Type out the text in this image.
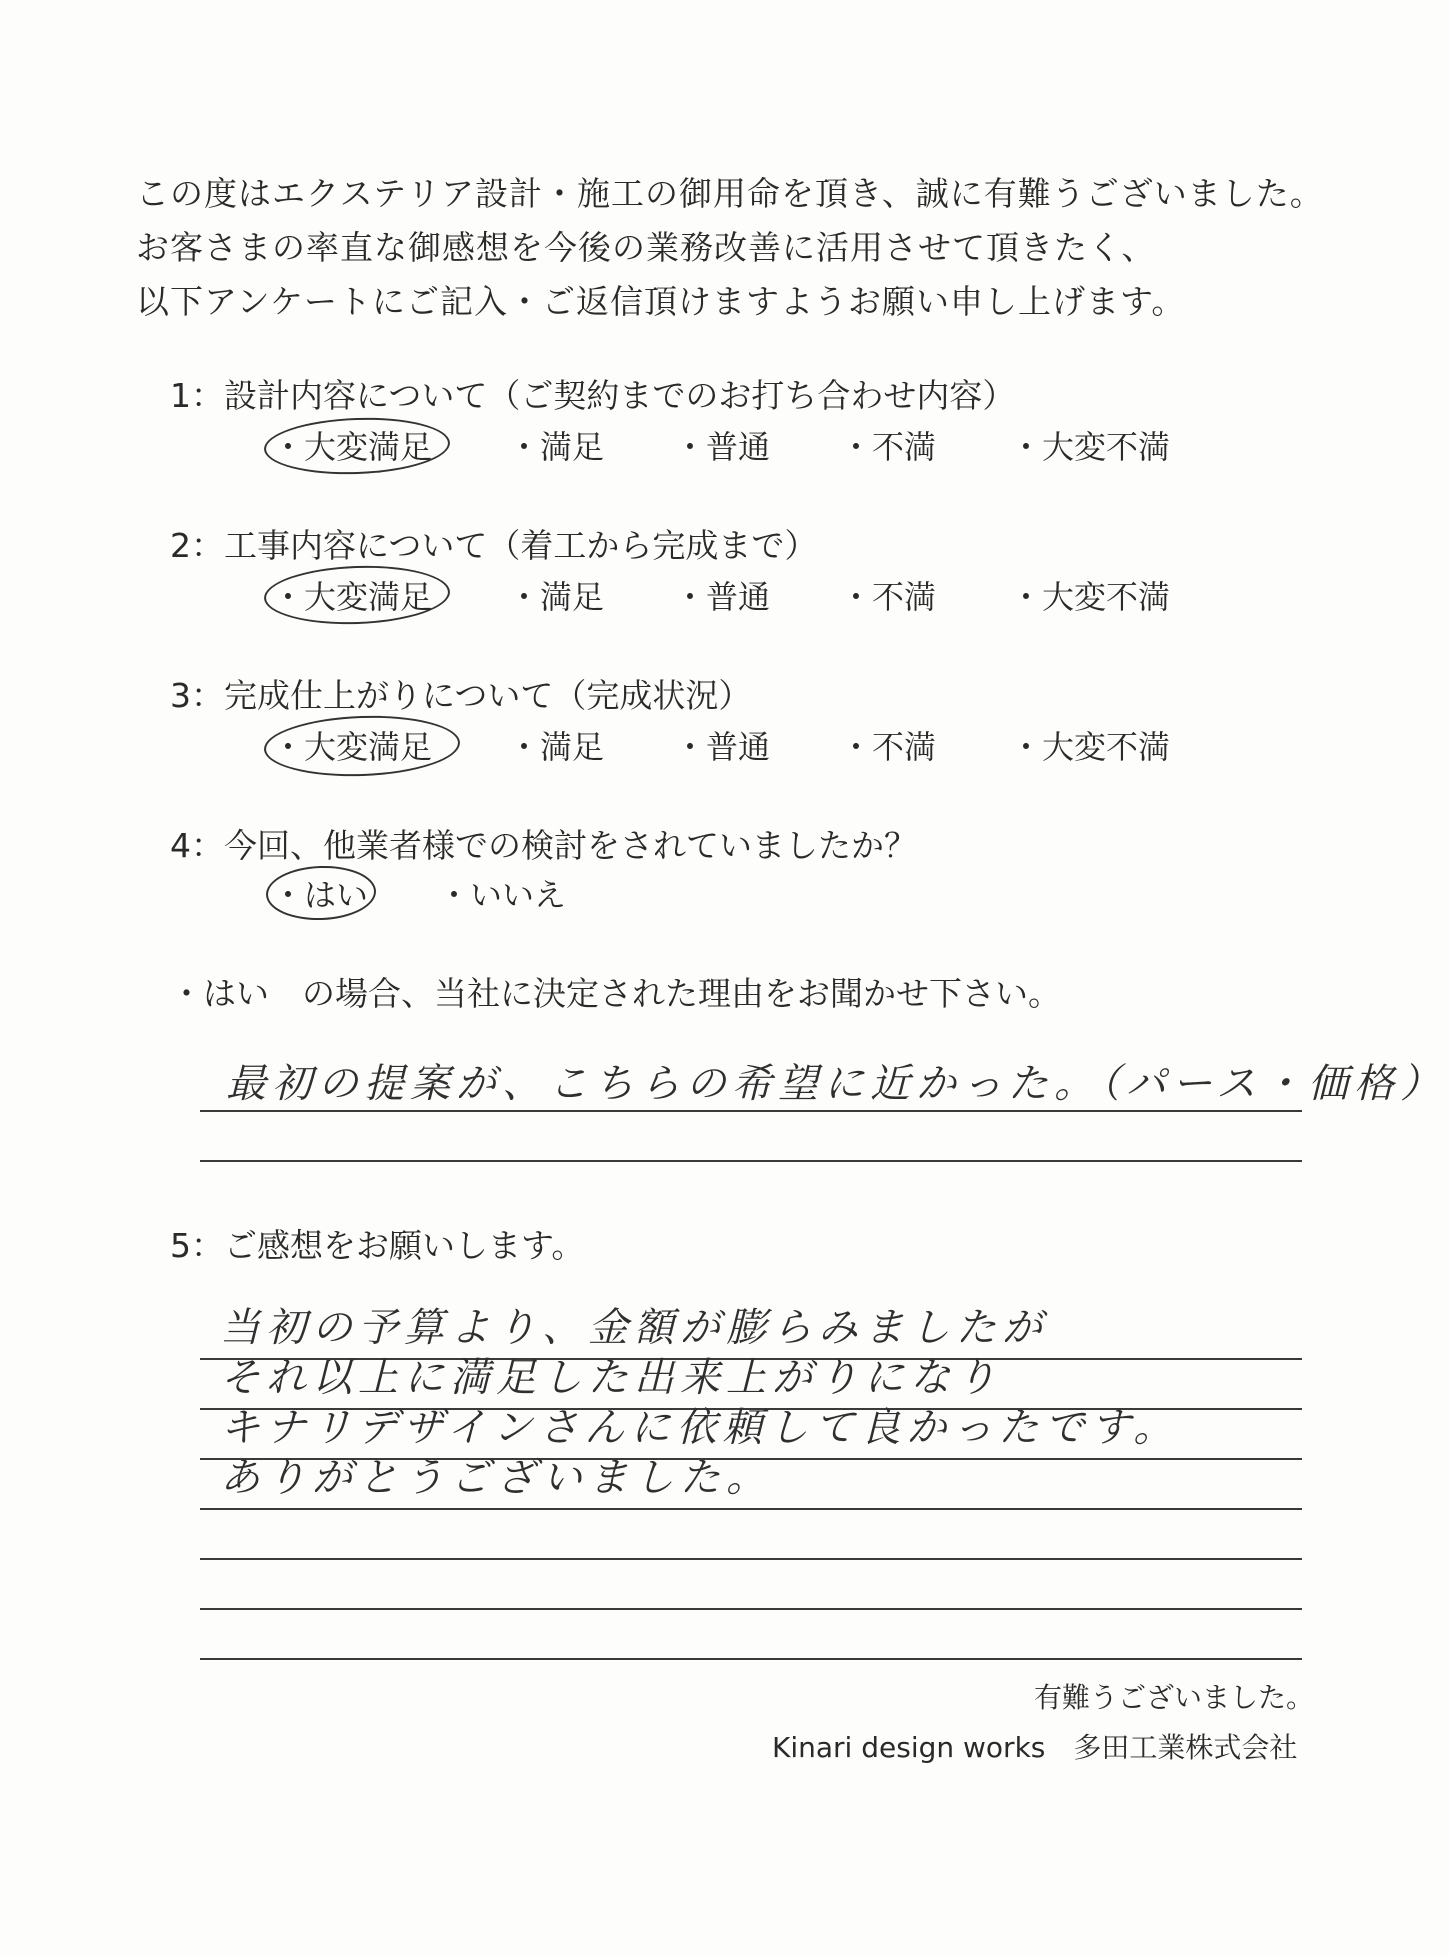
この度はエクステリア設計・施工の御用命を頂き、誠に有難うございました。
お客さまの率直な御感想を今後の業務改善に活用させて頂きたく、
以下アンケートにご記入・ご返信頂けますようお願い申し上げます。
1：設計内容について（ご契約までのお打ち合わせ内容）
・大変満足 ・満足 ・普通 ・不満 ・大変不満
2：工事内容について（着工から完成まで）
・大変満足 ・満足 ・普通 ・不満 ・大変不満
3：完成仕上がりについて（完成状況）
・大変満足 ・満足 ・普通 ・不満 ・大変不満
4：今回、他業者様での検討をされていましたか？
・はい ・いいえ
・はい　の場合、当社に決定された理由をお聞かせ下さい。
最初の提案が、こちらの希望に近かった。（パース・価格）
5：ご感想をお願いします。
当初の予算より、金額が膨らみましたが
それ以上に満足した出来上がりになり
キナリデザインさんに依頼して良かったです。
ありがとうございました。
有難うございました。
Kinari design works　多田工業株式会社
